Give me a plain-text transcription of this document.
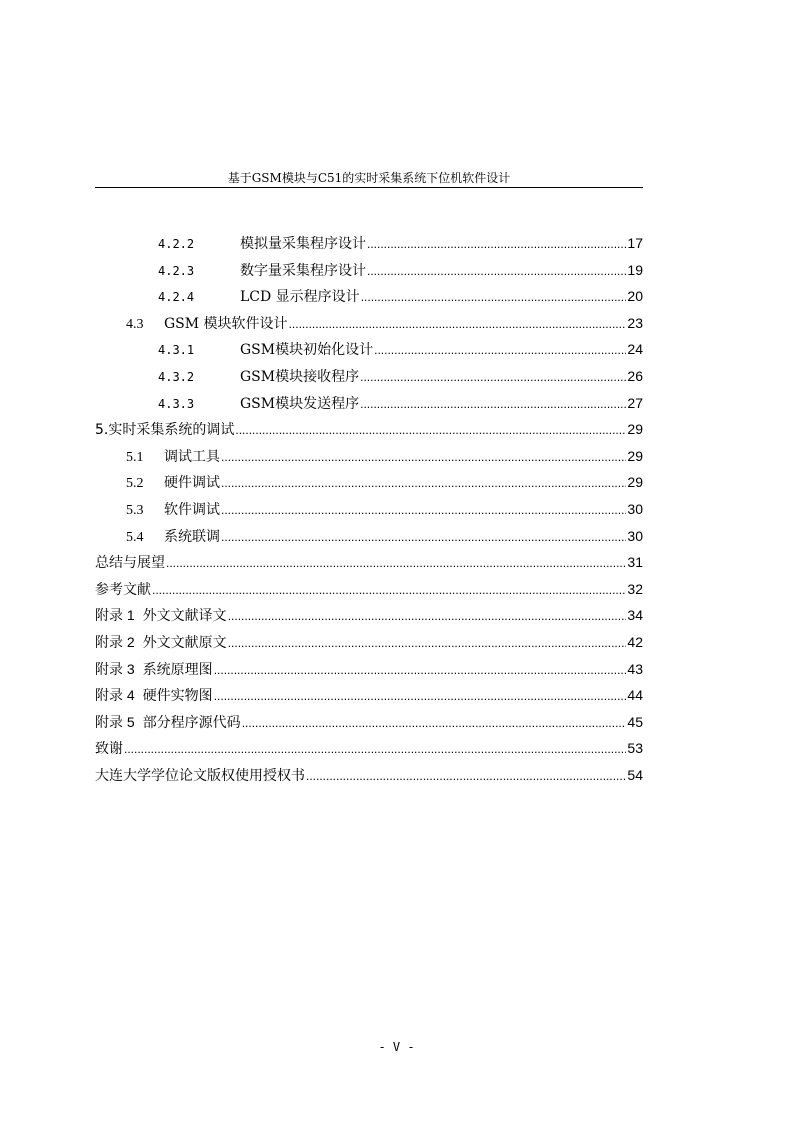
基于GSM模块与C51的实时采集系统下位机软件设计
4.2.2	模拟量采集程序设计 .....	17
4.2.3	数字量采集程序设计 .....	19
4.2.4	LCD 显示程序设计 .....	20
4.3	GSM 模块软件设计 .....	23
4.3.1	GSM模块初始化设计 .....	24
4.3.2	GSM模块接收程序 .....	26
4.3.3	GSM模块发送程序 .....	27
5.实时采集系统的调试 .....	29
5.1	调试工具 .....	29
5.2	硬件调试 .....	29
5.3	软件调试 .....	30
5.4	系统联调 .....	30
总结与展望 .....	31
参考文献 .....	32
附录 1 外文文献译文 .....	34
附录 2 外文文献原文 .....	42
附录 3 系统原理图 .....	43
附录 4 硬件实物图 .....	44
附录 5 部分程序源代码 .....	45
致谢 .....	53
大连大学学位论文版权使用授权书 .....	54
- V -
